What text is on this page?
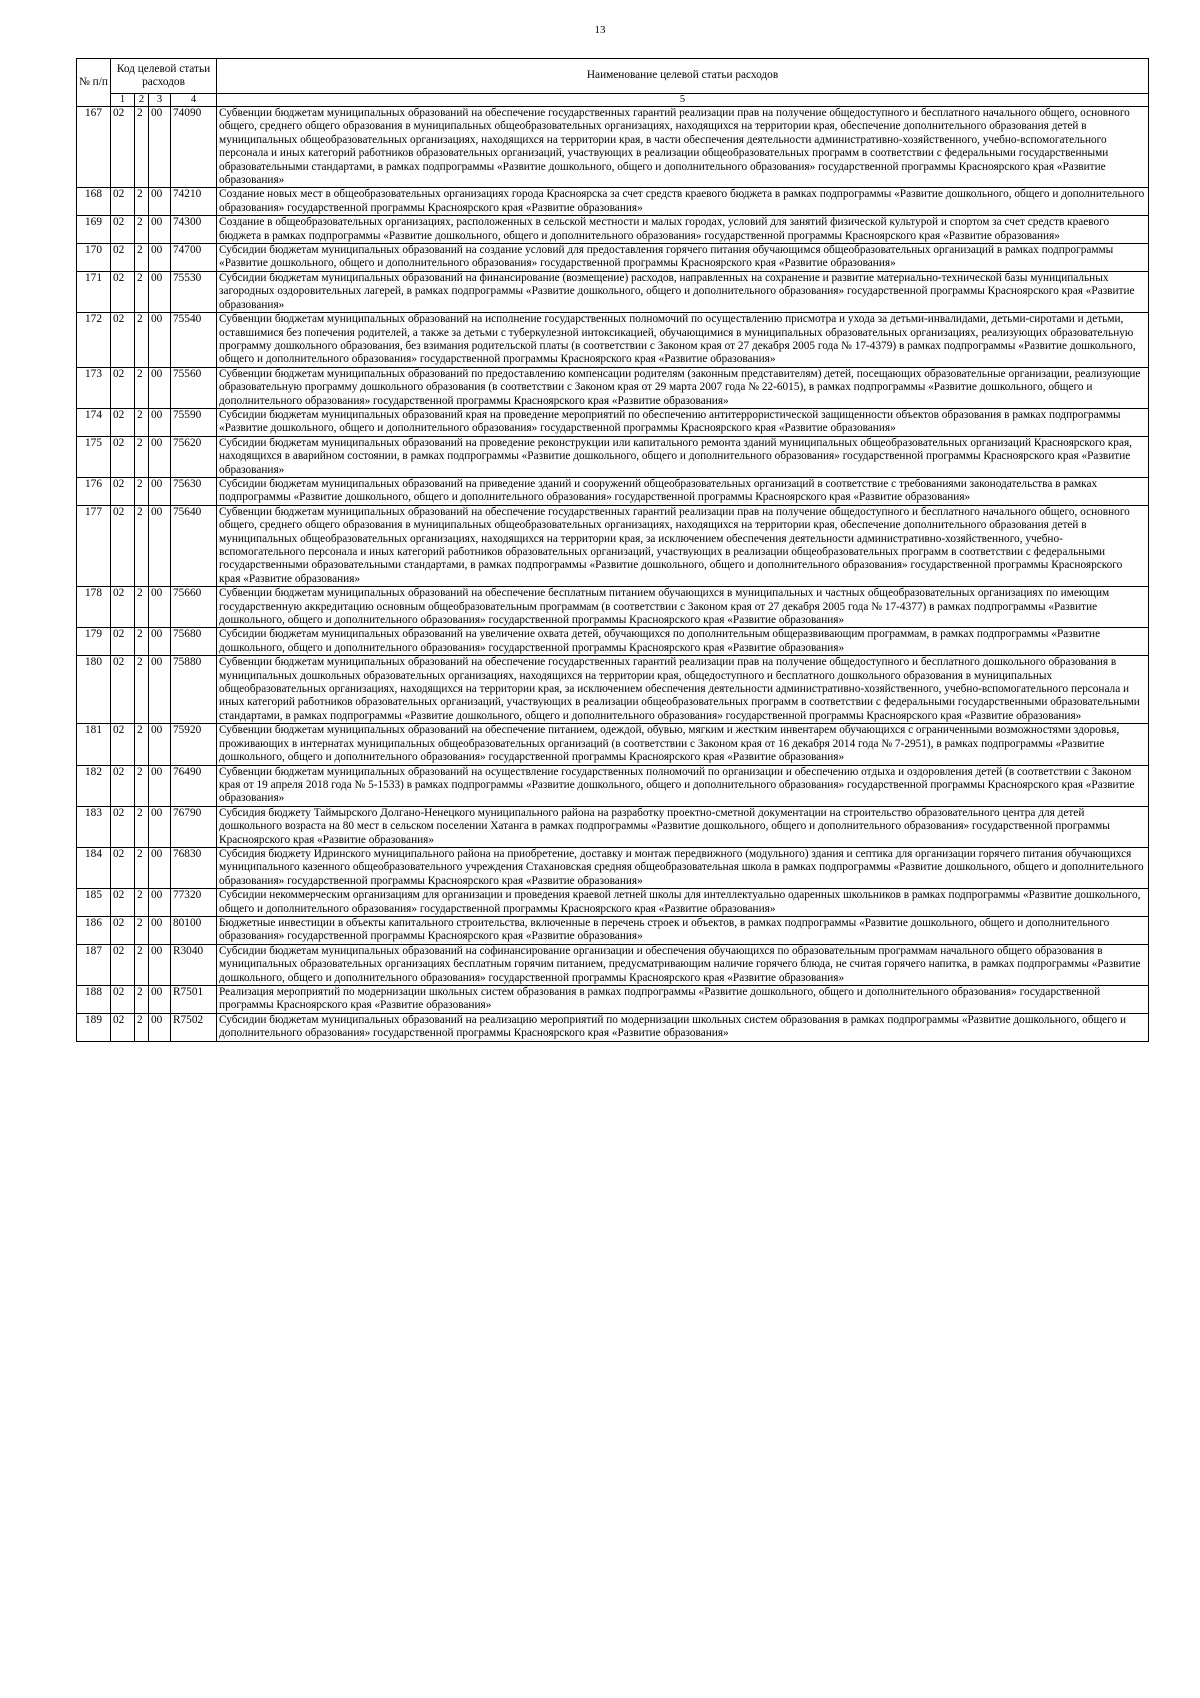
13
№ п/п	Код целевой статьи расходов				Наименование целевой статьи расходов
	1	2	3	4	5
167	02	2	00	74090	Субвенции бюджетам муниципальных образований на обеспечение государственных гарантий реализации прав на получение общедоступного и бесплатного начального общего, основного общего, среднего общего образования в муниципальных общеобразовательных организациях, находящихся на территории края, обеспечение дополнительного образования детей в муниципальных общеобразовательных организациях, находящихся на территории края, в части обеспечения деятельности административно-хозяйственного, учебно-вспомогательного персонала и иных категорий работников образовательных организаций, участвующих в реализации общеобразовательных программ в соответствии с федеральными государственными образовательными стандартами, в рамках подпрограммы «Развитие дошкольного, общего и дополнительного образования» государственной программы Красноярского края «Развитие образования»
168	02	2	00	74210	Создание новых мест в общеобразовательных организациях города Красноярска за счет средств краевого бюджета в рамках подпрограммы «Развитие дошкольного, общего и дополнительного образования» государственной программы Красноярского края «Развитие образования»
169	02	2	00	74300	Создание в общеобразовательных организациях, расположенных в сельской местности и малых городах, условий для занятий физической культурой и спортом за счет средств краевого бюджета в рамках подпрограммы «Развитие дошкольного, общего и дополнительного образования» государственной программы Красноярского края «Развитие образования»
170	02	2	00	74700	Субсидии бюджетам муниципальных образований на создание условий для предоставления горячего питания обучающимся общеобразовательных организаций в рамках подпрограммы «Развитие дошкольного, общего и дополнительного образования» государственной программы Красноярского края «Развитие образования»
171	02	2	00	75530	Субсидии бюджетам муниципальных образований на финансирование (возмещение) расходов, направленных на сохранение и развитие материально-технической базы муниципальных загородных оздоровительных лагерей, в рамках подпрограммы «Развитие дошкольного, общего и дополнительного образования» государственной программы Красноярского края «Развитие образования»
172	02	2	00	75540	Субвенции бюджетам муниципальных образований на исполнение государственных полномочий по осуществлению присмотра и ухода за детьми-инвалидами, детьми-сиротами и детьми, оставшимися без попечения родителей, а также за детьми с туберкулезной интоксикацией, обучающимися в муниципальных образовательных организациях, реализующих образовательную программу дошкольного образования, без взимания родительской платы (в соответствии с Законом края от 27 декабря 2005 года № 17-4379) в рамках подпрограммы «Развитие дошкольного, общего и дополнительного образования» государственной программы Красноярского края «Развитие образования»
173	02	2	00	75560	Субвенции бюджетам муниципальных образований по предоставлению компенсации родителям (законным представителям) детей, посещающих образовательные организации, реализующие образовательную программу дошкольного образования (в соответствии с Законом края от 29 марта 2007 года № 22-6015), в рамках подпрограммы «Развитие дошкольного, общего и дополнительного образования» государственной программы Красноярского края «Развитие образования»
174	02	2	00	75590	Субсидии бюджетам муниципальных образований края на проведение мероприятий по обеспечению антитеррористической защищенности объектов образования в рамках подпрограммы «Развитие дошкольного, общего и дополнительного образования» государственной программы Красноярского края «Развитие образования»
175	02	2	00	75620	Субсидии бюджетам муниципальных образований на проведение реконструкции или капитального ремонта зданий муниципальных общеобразовательных организаций Красноярского края, находящихся в аварийном состоянии, в рамках подпрограммы «Развитие дошкольного, общего и дополнительного образования» государственной программы Красноярского края «Развитие образования»
176	02	2	00	75630	Субсидии бюджетам муниципальных образований на приведение зданий и сооружений общеобразовательных организаций в соответствие с требованиями законодательства в рамках подпрограммы «Развитие дошкольного, общего и дополнительного образования» государственной программы Красноярского края «Развитие образования»
177	02	2	00	75640	Субвенции бюджетам муниципальных образований на обеспечение государственных гарантий реализации прав на получение общедоступного и бесплатного начального общего, основного общего, среднего общего образования в муниципальных общеобразовательных организациях, находящихся на территории края, обеспечение дополнительного образования детей в муниципальных общеобразовательных организациях, находящихся на территории края, за исключением обеспечения деятельности административно-хозяйственного, учебно-вспомогательного персонала и иных категорий работников образовательных организаций, участвующих в реализации общеобразовательных программ в соответствии с федеральными государственными образовательными стандартами, в рамках подпрограммы «Развитие дошкольного, общего и дополнительного образования» государственной программы Красноярского края «Развитие образования»
178	02	2	00	75660	Субвенции бюджетам муниципальных образований на обеспечение бесплатным питанием обучающихся в муниципальных и частных общеобразовательных организациях по имеющим государственную аккредитацию основным общеобразовательным программам (в соответствии с Законом края от 27 декабря 2005 года № 17-4377) в рамках подпрограммы «Развитие дошкольного, общего и дополнительного образования» государственной программы Красноярского края «Развитие образования»
179	02	2	00	75680	Субсидии бюджетам муниципальных образований на увеличение охвата детей, обучающихся по дополнительным общеразвивающим программам, в рамках подпрограммы «Развитие дошкольного, общего и дополнительного образования» государственной программы Красноярского края «Развитие образования»
180	02	2	00	75880	Субвенции бюджетам муниципальных образований на обеспечение государственных гарантий реализации прав на получение общедоступного и бесплатного дошкольного образования в муниципальных дошкольных образовательных организациях, находящихся на территории края, общедоступного и бесплатного дошкольного образования в муниципальных общеобразовательных организациях, находящихся на территории края, за исключением обеспечения деятельности административно-хозяйственного, учебно-вспомогательного персонала и иных категорий работников образовательных организаций, участвующих в реализации общеобразовательных программ в соответствии с федеральными государственными образовательными стандартами, в рамках подпрограммы «Развитие дошкольного, общего и дополнительного образования» государственной программы Красноярского края «Развитие образования»
181	02	2	00	75920	Субвенции бюджетам муниципальных образований на обеспечение питанием, одеждой, обувью, мягким и жестким инвентарем обучающихся с ограниченными возможностями здоровья, проживающих в интернатах муниципальных общеобразовательных организаций (в соответствии с Законом края от 16 декабря 2014 года № 7-2951), в рамках подпрограммы «Развитие дошкольного, общего и дополнительного образования» государственной программы Красноярского края «Развитие образования»
182	02	2	00	76490	Субвенции бюджетам муниципальных образований на осуществление государственных полномочий по организации и обеспечению отдыха и оздоровления детей (в соответствии с Законом края от 19 апреля 2018 года № 5-1533) в рамках подпрограммы «Развитие дошкольного, общего и дополнительного образования» государственной программы Красноярского края «Развитие образования»
183	02	2	00	76790	Субсидия бюджету Таймырского Долгано-Ненецкого муниципального района на разработку проектно-сметной документации на строительство образовательного центра для детей дошкольного возраста на 80 мест в сельском поселении Хатанга в рамках подпрограммы «Развитие дошкольного, общего и дополнительного образования» государственной программы Красноярского края «Развитие образования»
184	02	2	00	76830	Субсидия бюджету Идринского муниципального района на приобретение, доставку и монтаж передвижного (модульного) здания и септика для организации горячего питания обучающихся муниципального казенного общеобразовательного учреждения Стахановская средняя общеобразовательная школа в рамках подпрограммы «Развитие дошкольного, общего и дополнительного образования» государственной программы Красноярского края «Развитие образования»
185	02	2	00	77320	Субсидии некоммерческим организациям для организации и проведения краевой летней школы для интеллектуально одаренных школьников в рамках подпрограммы «Развитие дошкольного, общего и дополнительного образования» государственной программы Красноярского края «Развитие образования»
186	02	2	00	80100	Бюджетные инвестиции в объекты капитального строительства, включенные в перечень строек и объектов, в рамках подпрограммы «Развитие дошкольного, общего и дополнительного образования» государственной программы Красноярского края «Развитие образования»
187	02	2	00	R3040	Субсидии бюджетам муниципальных образований на софинансирование организации и обеспечения обучающихся по образовательным программам начального общего образования в муниципальных образовательных организациях бесплатным горячим питанием, предусматривающим наличие горячего блюда, не считая горячего напитка, в рамках подпрограммы «Развитие дошкольного, общего и дополнительного образования» государственной программы Красноярского края «Развитие образования»
188	02	2	00	R7501	Реализация мероприятий по модернизации школьных систем образования в рамках подпрограммы «Развитие дошкольного, общего и дополнительного образования» государственной программы Красноярского края «Развитие образования»
189	02	2	00	R7502	Субсидии бюджетам муниципальных образований на реализацию мероприятий по модернизации школьных систем образования в рамках подпрограммы «Развитие дошкольного, общего и дополнительного образования» государственной программы Красноярского края «Развитие образования»
